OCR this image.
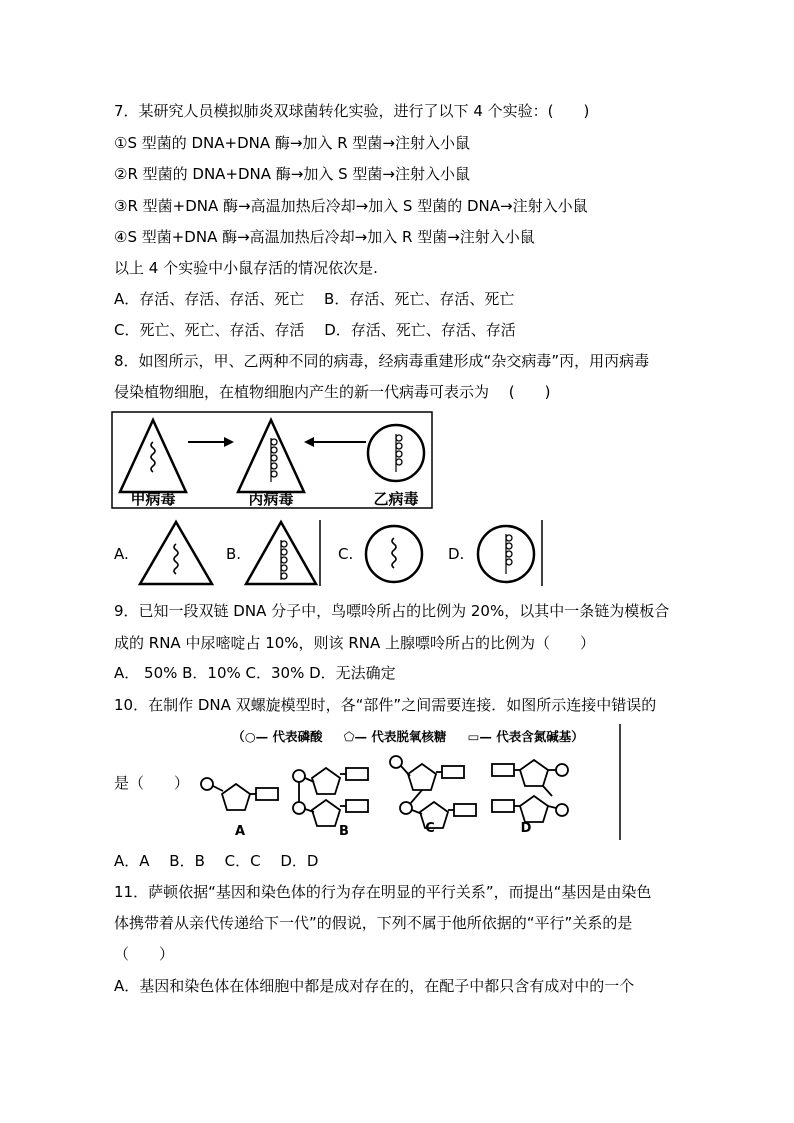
7．某研究人员模拟肺炎双球菌转化实验，进行了以下 4 个实验：(　　)
①S 型菌的 DNA+DNA 酶→加入 R 型菌→注射入小鼠
②R 型菌的 DNA+DNA 酶→加入 S 型菌→注射入小鼠
③R 型菌+DNA 酶→高温加热后冷却→加入 S 型菌的 DNA→注射入小鼠
④S 型菌+DNA 酶→高温加热后冷却→加入 R 型菌→注射入小鼠
以上 4 个实验中小鼠存活的情况依次是.
A．存活、存活、存活、死亡　 B．存活、死亡、存活、死亡
C．死亡、死亡、存活、存活　 D．存活、死亡、存活、存活
8．如图所示，甲、乙两种不同的病毒，经病毒重建形成“杂交病毒”丙，用丙病毒
侵染植物细胞，在植物细胞内产生的新一代病毒可表示为 　(　　)
甲病毒	丙病毒	乙病毒
A.	B.	C.	D.
9．已知一段双链 DNA 分子中，鸟嘌呤所占的比例为 20%，以其中一条链为模板合
成的 RNA 中尿嘧啶占 10%，则该 RNA 上腺嘌呤所占的比例为（　　）
A． 50% B．10% C．30% D．无法确定
10．在制作 DNA 双螺旋模型时，各“部件”之间需要连接．如图所示连接中错误的
是（　　）
（○— 代表磷酸 　 ⬠— 代表脱氧核糖 　 ▭— 代表含氮碱基）
A	B	C	D
A．A　 B．B　 C．C　 D．D
11．萨顿依据“基因和染色体的行为存在明显的平行关系”，而提出“基因是由染色
体携带着从亲代传递给下一代”的假说，下列不属于他所依据的“平行”关系的是
（　　）
A．基因和染色体在体细胞中都是成对存在的，在配子中都只含有成对中的一个
